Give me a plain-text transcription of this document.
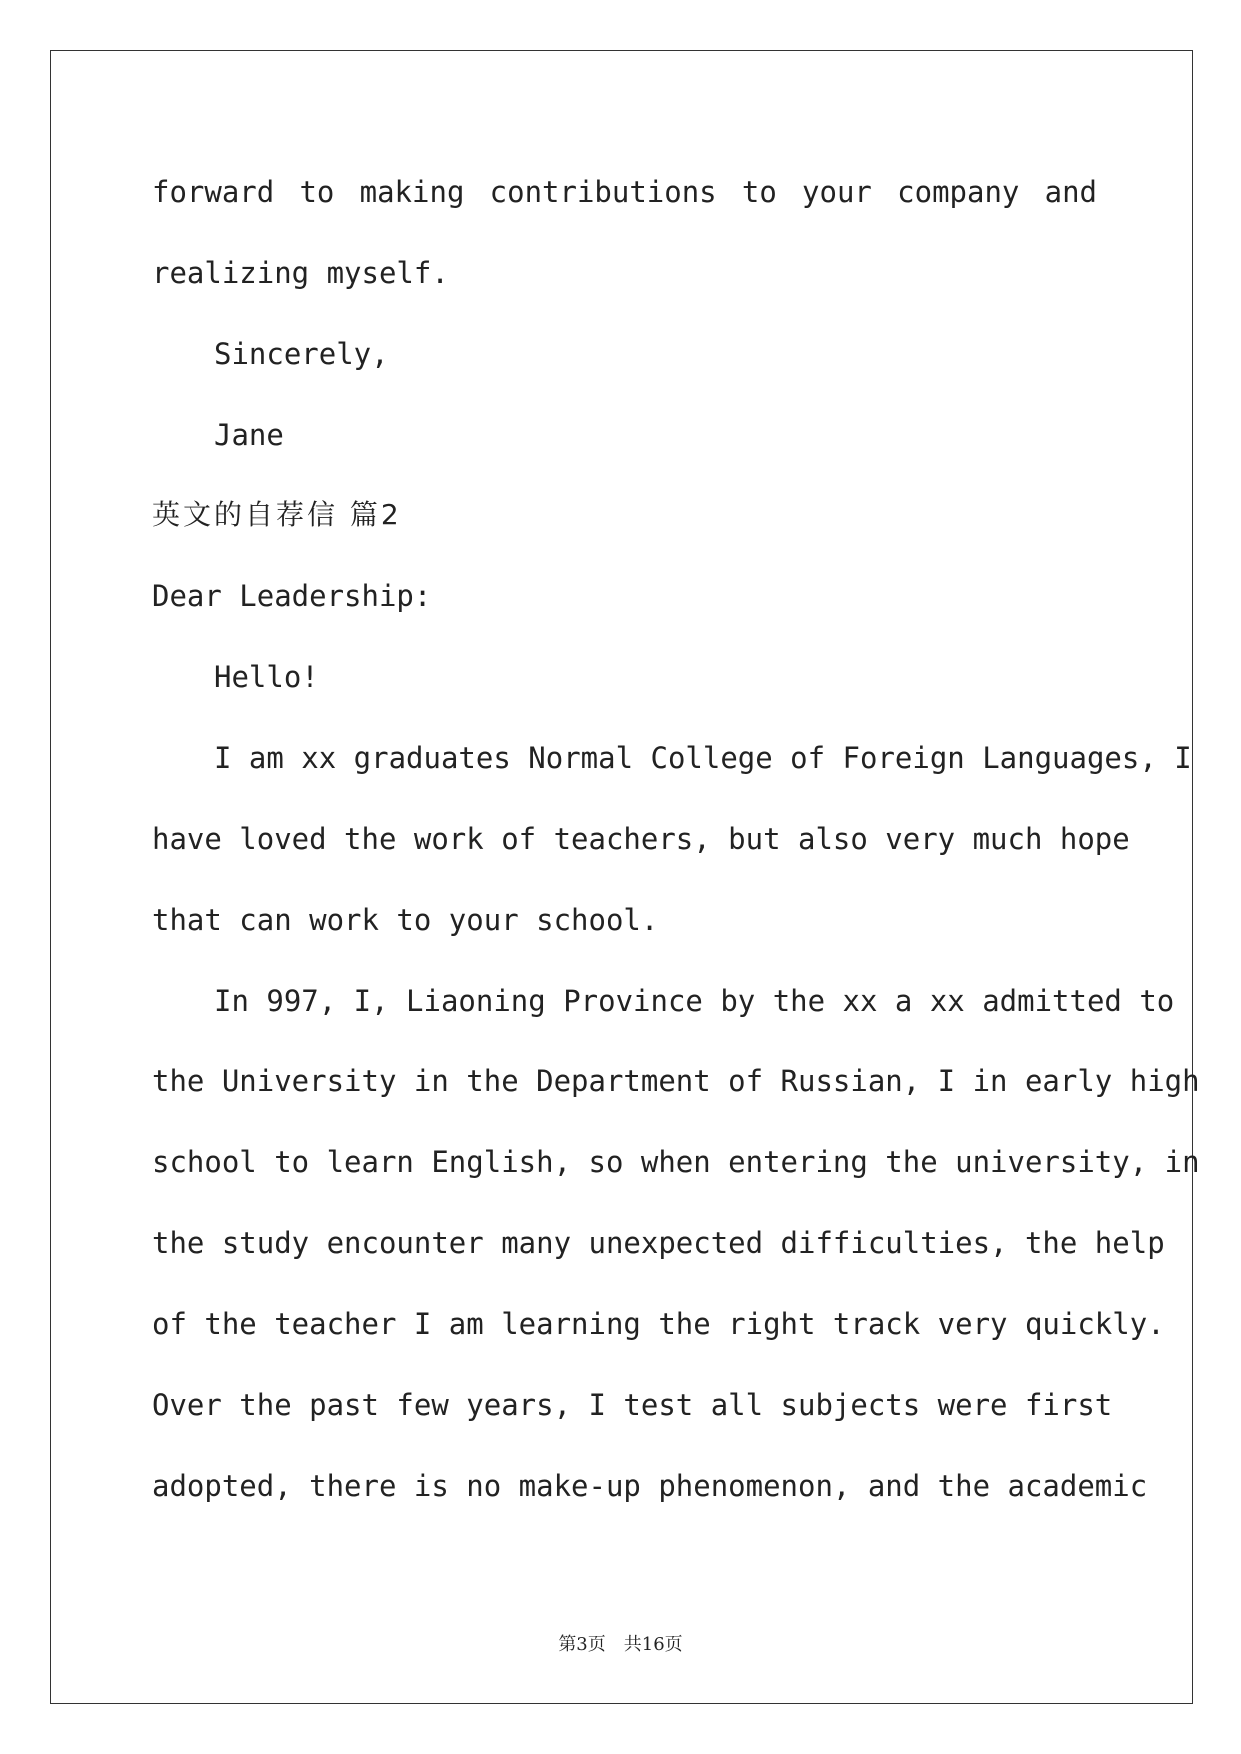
forward to making contributions to your company and
realizing myself.
Sincerely,
Jane
英文的自荐信 篇2
Dear Leadership:
Hello!
I am xx graduates Normal College of Foreign Languages, I
have loved the work of teachers, but also very much hope
that can work to your school.
In 997, I, Liaoning Province by the xx a xx admitted to
the University in the Department of Russian, I in early high
school to learn English, so when entering the university, in
the study encounter many unexpected difficulties, the help
of the teacher I am learning the right track very quickly.
Over the past few years, I test all subjects were first
adopted, there is no make-up phenomenon, and the academic
第3页 共16页
